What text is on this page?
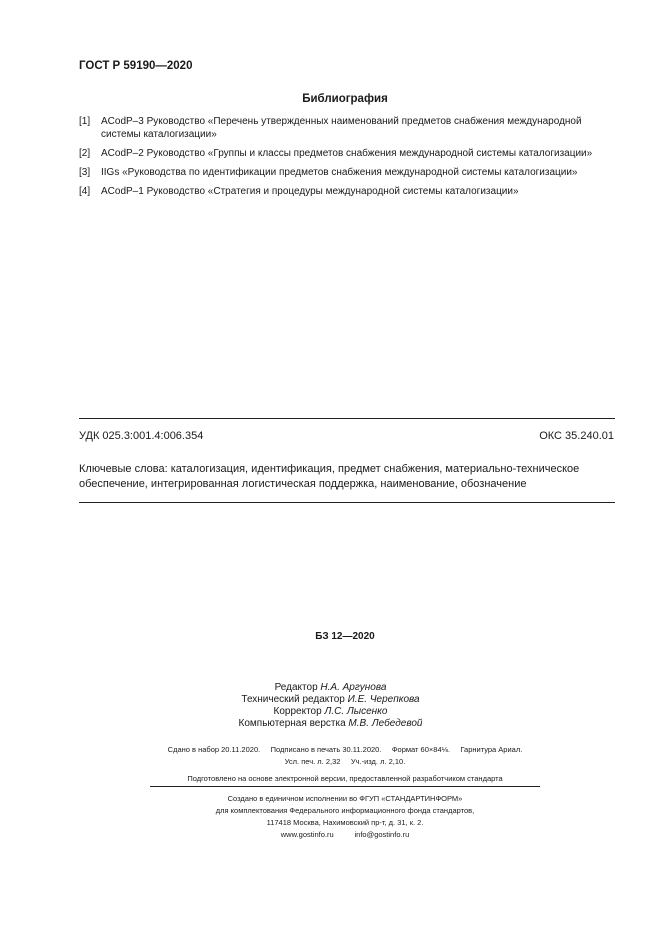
ГОСТ Р 59190—2020
Библиография
[1] ACodP–3 Руководство «Перечень утвержденных наименований предметов снабжения международной системы каталогизации»
[2] ACodP–2 Руководство «Группы и классы предметов снабжения международной системы каталогизации»
[3] IIGs «Руководства по идентификации предметов снабжения международной системы каталогизации»
[4] ACodP–1 Руководство «Стратегия и процедуры международной системы каталогизации»
УДК 025.3:001.4:006.354	ОКС 35.240.01
Ключевые слова: каталогизация, идентификация, предмет снабжения, материально-техническое обеспечение, интегрированная логистическая поддержка, наименование, обозначение
БЗ 12—2020
Редактор Н.А. Аргунова
Технический редактор И.Е. Черепкова
Корректор Л.С. Лысенко
Компьютерная верстка М.В. Лебедевой
Сдано в набор 20.11.2020.     Подписано в печать 30.11.2020.     Формат 60×84⅛.     Гарнитура Ариал.
Усл. печ. л. 2,32     Уч.-изд. л. 2,10.
Подготовлено на основе электронной версии, предоставленной разработчиком стандарта
Создано в единичном исполнении во ФГУП «СТАНДАРТИНФОРМ»
для комплектования Федерального информационного фонда стандартов,
117418 Москва, Нахимовский пр-т, д. 31, к. 2.
www.gostinfo.ru          info@gostinfo.ru
